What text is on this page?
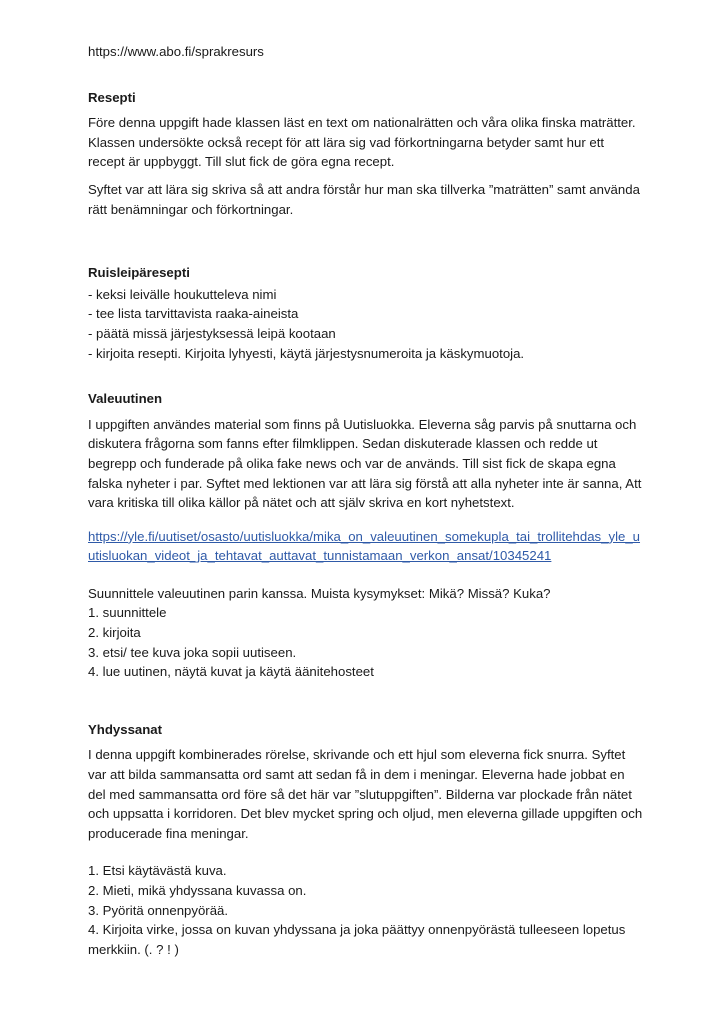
https://www.abo.fi/sprakresurs
Resepti

Före denna uppgift hade klassen läst en text om nationalrätten och våra olika finska maträtter. Klassen undersökte också recept för att lära sig vad förkortningarna betyder samt hur ett recept är uppbyggt. Till slut fick de göra egna recept.

Syftet var att lära sig skriva så att andra förstår hur man ska tillverka ”maträtten” samt använda rätt benämningar och förkortningar.

Ruisleipäresepti
- keksi leivälle houkutteleva nimi
- tee lista tarvittavista raaka-aineista
- päätä missä järjestyksessä leipä kootaan
- kirjoita resepti. Kirjoita lyhyesti, käytä järjestysnumeroita ja käskymuotoja.
Valeuutinen

I uppgiften användes material som finns på Uutisluokka. Eleverna såg parvis på snuttarna och diskutera frågorna som fanns efter filmklippen. Sedan diskuterade klassen och redde ut begrepp och funderade på olika fake news och var de används. Till sist fick de skapa egna falska nyheter i par. Syftet med lektionen var att lära sig förstå att alla nyheter inte är sanna, Att vara kritiska till olika källor på nätet och att själv skriva en kort nyhetstext.

https://yle.fi/uutiset/osasto/uutisluokka/mika_on_valeuutinen_somekupla_tai_trollitehdas_yle_uutisluokan_videot_ja_tehtavat_auttavat_tunnistamaan_verkon_ansat/10345241

Suunnittele valeuutinen parin kanssa. Muista kysymykset: Mikä? Missä? Kuka?

1. suunnittele
2. kirjoita
3. etsi/ tee kuva joka sopii uutiseen.
4. lue uutinen, näytä kuvat ja käytä äänitehosteet
Yhdyssanat

I denna uppgift kombinerades rörelse, skrivande och ett hjul som eleverna fick snurra. Syftet var att bilda sammansatta ord samt att sedan få in dem i meningar. Eleverna hade jobbat en del med sammansatta ord före så det här var ”slutuppgiften”. Bilderna var plockade från nätet och uppsatta i korridoren. Det blev mycket spring och oljud, men eleverna gillade uppgiften och producerade fina meningar.

1. Etsi käytävästä kuva.
2. Mieti, mikä yhdyssana kuvassa on.
3. Pyöritä onnenpyörää.
4. Kirjoita virke, jossa on kuvan yhdyssana ja joka päättyy onnenpyörästä tulleeseen lopetus merkkiin. (. ? ! )
